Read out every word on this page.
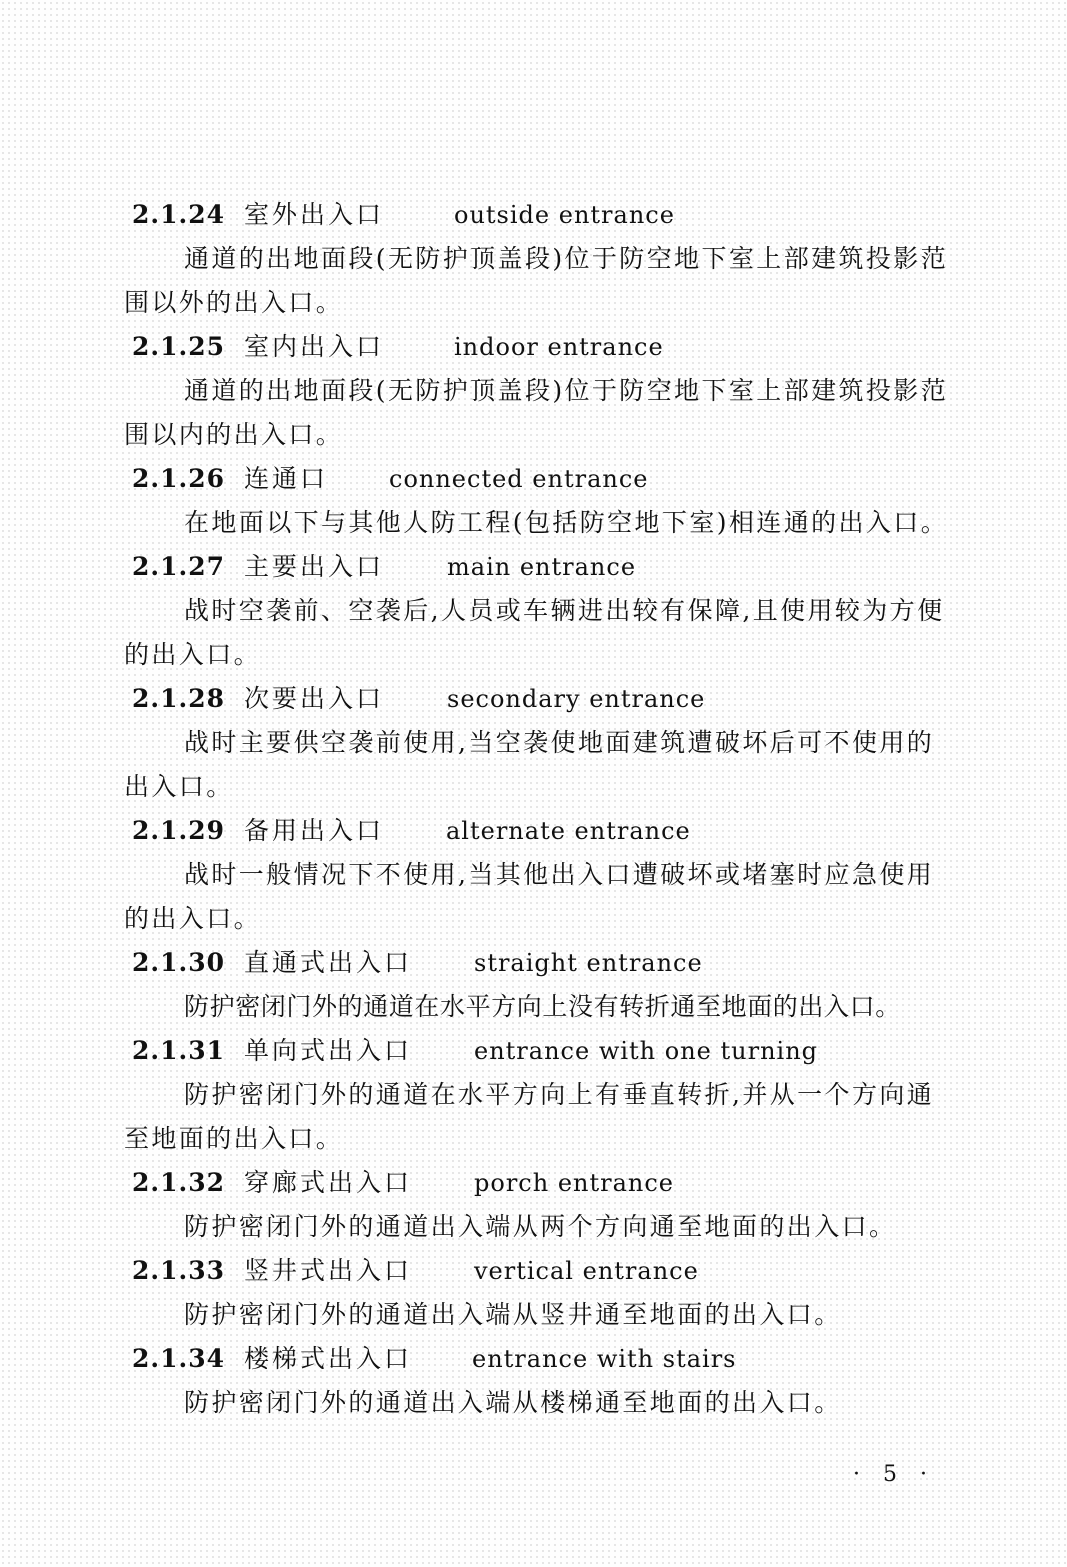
2.1.24 室外出入口	outside entrance

通道的出地面段(无防护顶盖段)位于防空地下室上部建筑投影范围以外的出入口。

2.1.25 室内出入口	indoor entrance

通道的出地面段(无防护顶盖段)位于防空地下室上部建筑投影范围以内的出入口。

2.1.26 连通口	connected entrance

在地面以下与其他人防工程(包括防空地下室)相连通的出入口。

2.1.27 主要出入口	main entrance

战时空袭前、空袭后,人员或车辆进出较有保障,且使用较为方便的出入口。

2.1.28 次要出入口	secondary entrance

战时主要供空袭前使用,当空袭使地面建筑遭破坏后可不使用的出入口。

2.1.29 备用出入口	alternate entrance

战时一般情况下不使用,当其他出入口遭破坏或堵塞时应急使用的出入口。

2.1.30 直通式出入口	straight entrance

防护密闭门外的通道在水平方向上没有转折通至地面的出入口。

2.1.31 单向式出入口	entrance with one turning

防护密闭门外的通道在水平方向上有垂直转折,并从一个方向通至地面的出入口。

2.1.32 穿廊式出入口	porch entrance

防护密闭门外的通道出入端从两个方向通至地面的出入口。

2.1.33 竖井式出入口	vertical entrance

防护密闭门外的通道出入端从竖井通至地面的出入口。

2.1.34 楼梯式出入口 entrance with stairs

防护密闭门外的通道出入端从楼梯通至地面的出入口。

· 5 ·
